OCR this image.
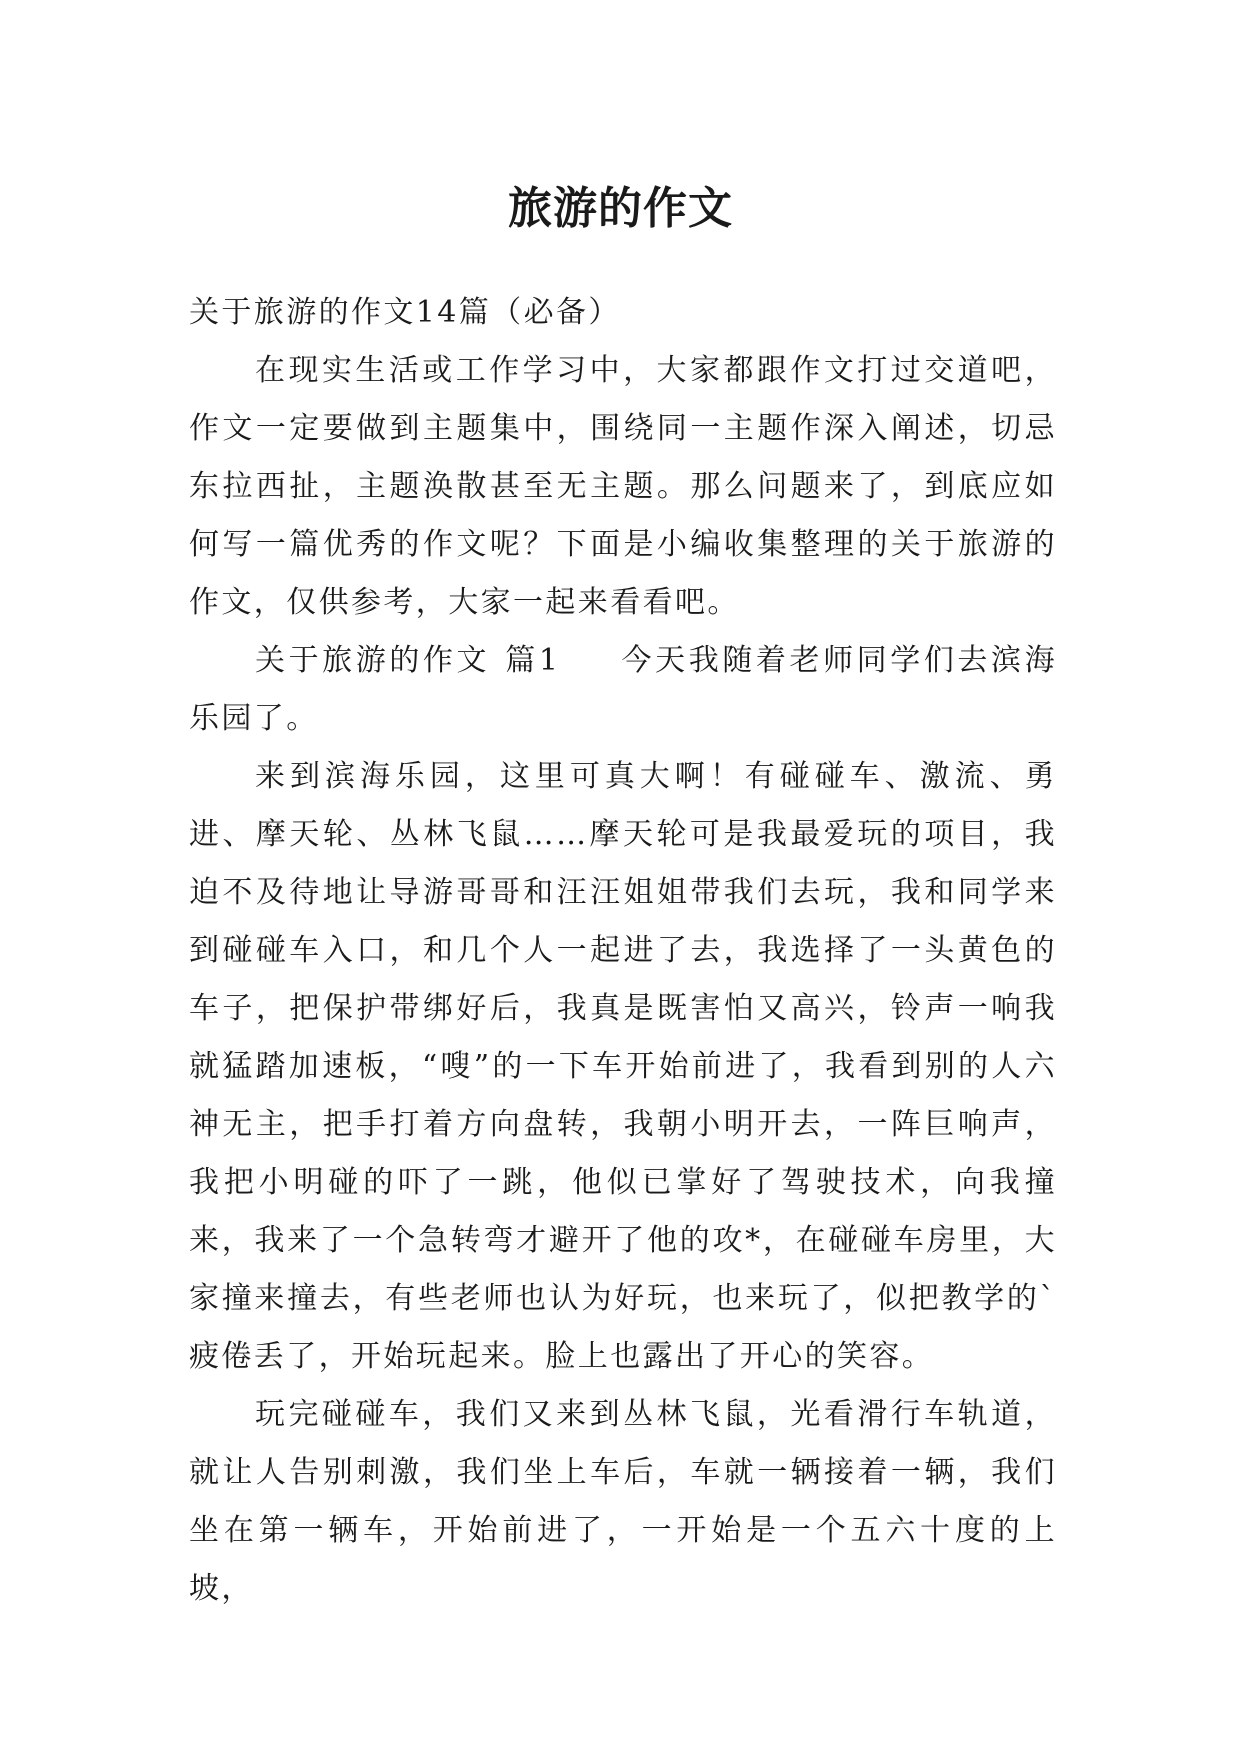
旅游的作文

关于旅游的作文14篇（必备）

在现实生活或工作学习中，大家都跟作文打过交道吧，作文一定要做到主题集中，围绕同一主题作深入阐述，切忌东拉西扯，主题涣散甚至无主题。那么问题来了，到底应如何写一篇优秀的作文呢？下面是小编收集整理的关于旅游的作文，仅供参考，大家一起来看看吧。

关于旅游的作文 篇1 今天我随着老师同学们去滨海乐园了。

来到滨海乐园，这里可真大啊！有碰碰车、激流、勇进、摩天轮、丛林飞鼠……摩天轮可是我最爱玩的项目，我迫不及待地让导游哥哥和汪汪姐姐带我们去玩，我和同学来到碰碰车入口，和几个人一起进了去，我选择了一头黄色的车子，把保护带绑好后，我真是既害怕又高兴，铃声一响我就猛踏加速板，“嗖”的一下车开始前进了，我看到别的人六神无主，把手打着方向盘转，我朝小明开去，一阵巨响声，我把小明碰的吓了一跳，他似已掌好了驾驶技术，向我撞来，我来了一个急转弯才避开了他的攻*，在碰碰车房里，大家撞来撞去，有些老师也认为好玩，也来玩了，似把教学的`疲倦丢了，开始玩起来。脸上也露出了开心的笑容。

玩完碰碰车，我们又来到丛林飞鼠，光看滑行车轨道，就让人告别刺激，我们坐上车后，车就一辆接着一辆，我们坐在第一辆车，开始前进了，一开始是一个五六十度的上坡，
